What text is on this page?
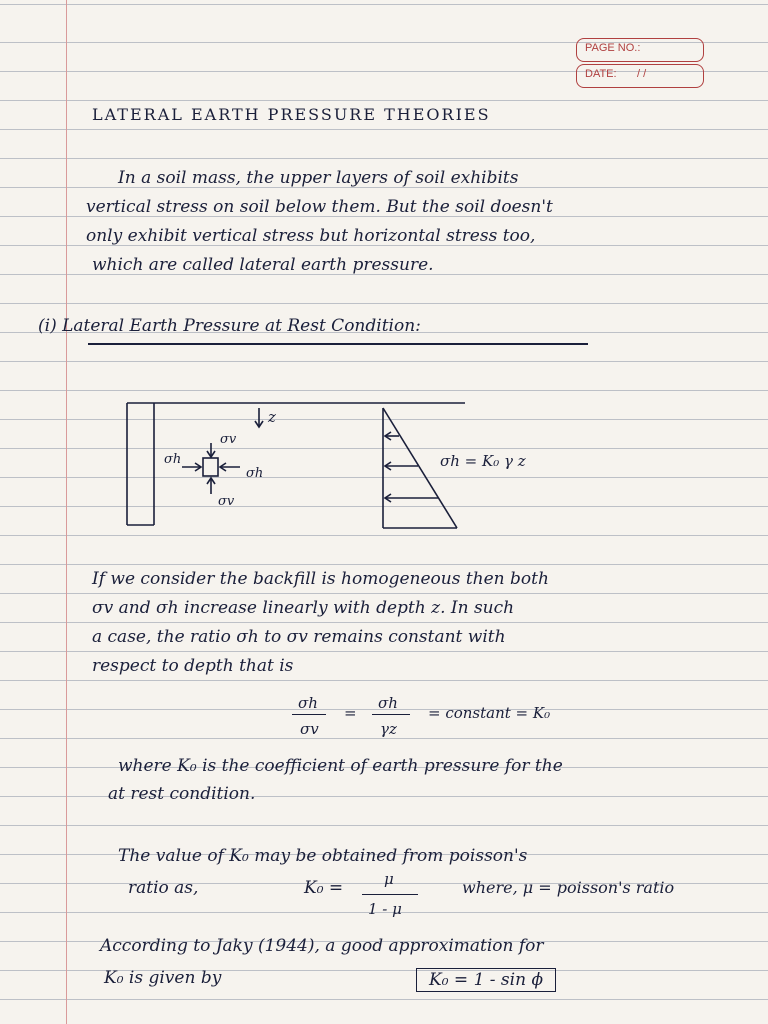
PAGE NO.:
DATE: / /
LATERAL EARTH PRESSURE THEORIES
In a soil mass, the upper layers of soil exhibits
vertical stress on soil below them. But the soil doesn't
only exhibit vertical stress but horizontal stress too,
which are called lateral earth pressure.
(i) Lateral Earth Pressure at Rest Condition:
z
σv
σv
σh
σh
σh = K₀ γ z
If we consider the backfill is homogeneous then both
σv and σh increase linearly with depth z. In such
a case, the ratio σh to σv remains constant with
respect to depth that is
σh
σv
=
σh
γz
= constant = K₀
where K₀ is the coefficient of earth pressure for the
at rest condition.
The value of K₀ may be obtained from poisson's
ratio as,	K₀ =	μ
1 - μ
where, μ = poisson's ratio
According to Jaky (1944), a good approximation for
K₀ is given by	K₀ = 1 - sin ϕ
